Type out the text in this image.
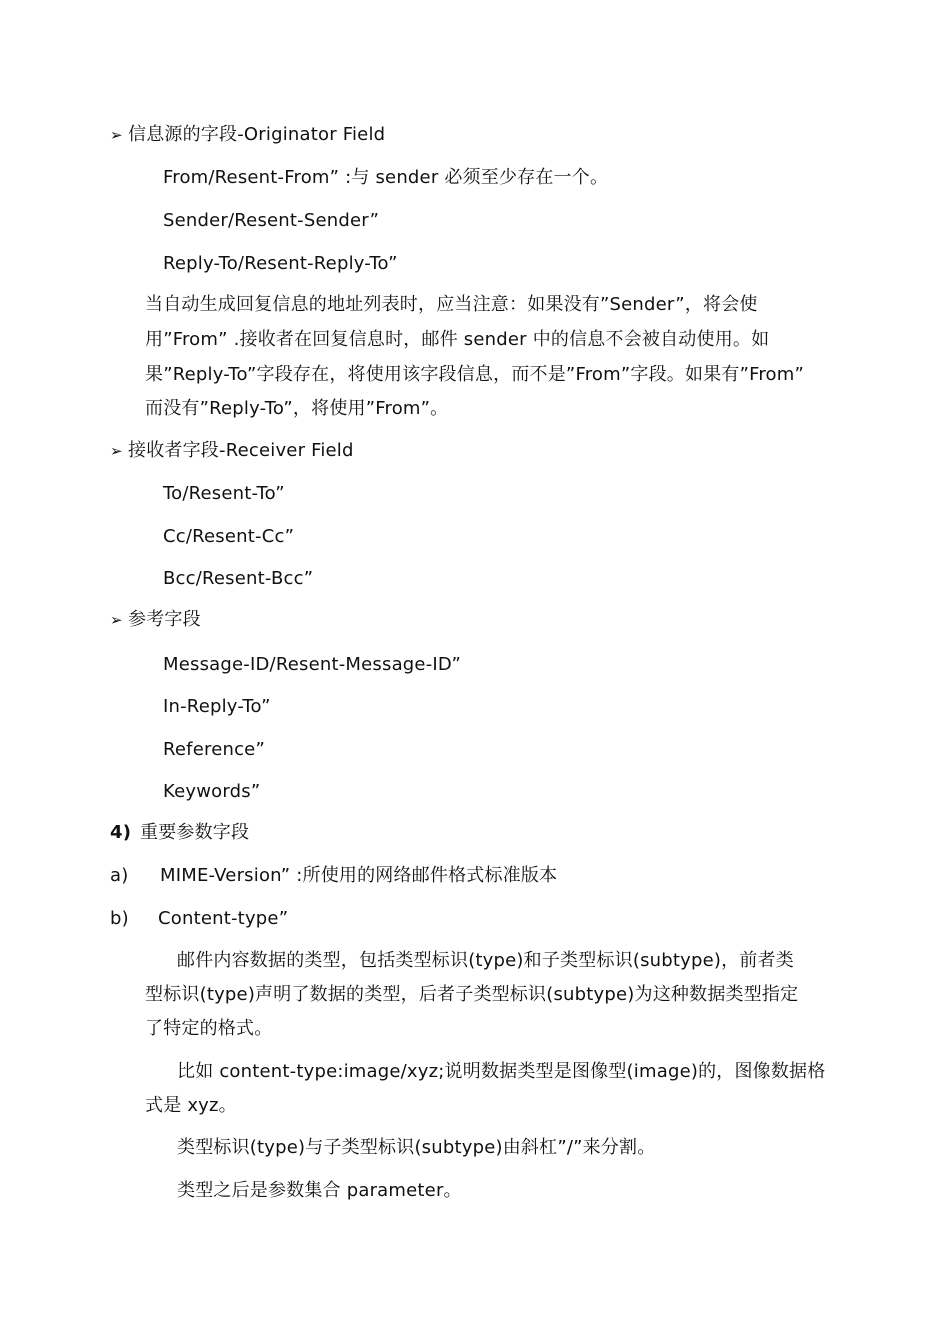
➢ 信息源的字段-Originator Field
From/Resent-From” :与 sender 必须至少存在一个。
Sender/Resent-Sender”
Reply-To/Resent-Reply-To”
当自动生成回复信息的地址列表时，应当注意：如果没有”Sender”，将会使
用”From” .接收者在回复信息时，邮件 sender 中的信息不会被自动使用。如
果”Reply-To”字段存在，将使用该字段信息，而不是”From”字段。如果有”From”
而没有”Reply-To”，将使用”From”。
➢ 接收者字段-Receiver Field
To/Resent-To”
Cc/Resent-Cc”
Bcc/Resent-Bcc”
➢ 参考字段
Message-ID/Resent-Message-ID”
In-Reply-To”
Reference”
Keywords”
4) 重要参数字段
a) MIME-Version” :所使用的网络邮件格式标准版本
b) Content-type”
邮件内容数据的类型，包括类型标识(type)和子类型标识(subtype)，前者类
型标识(type)声明了数据的类型，后者子类型标识(subtype)为这种数据类型指定
了特定的格式。
比如 content-type:image/xyz;说明数据类型是图像型(image)的，图像数据格
式是 xyz。
类型标识(type)与子类型标识(subtype)由斜杠”/”来分割。
类型之后是参数集合 parameter。
